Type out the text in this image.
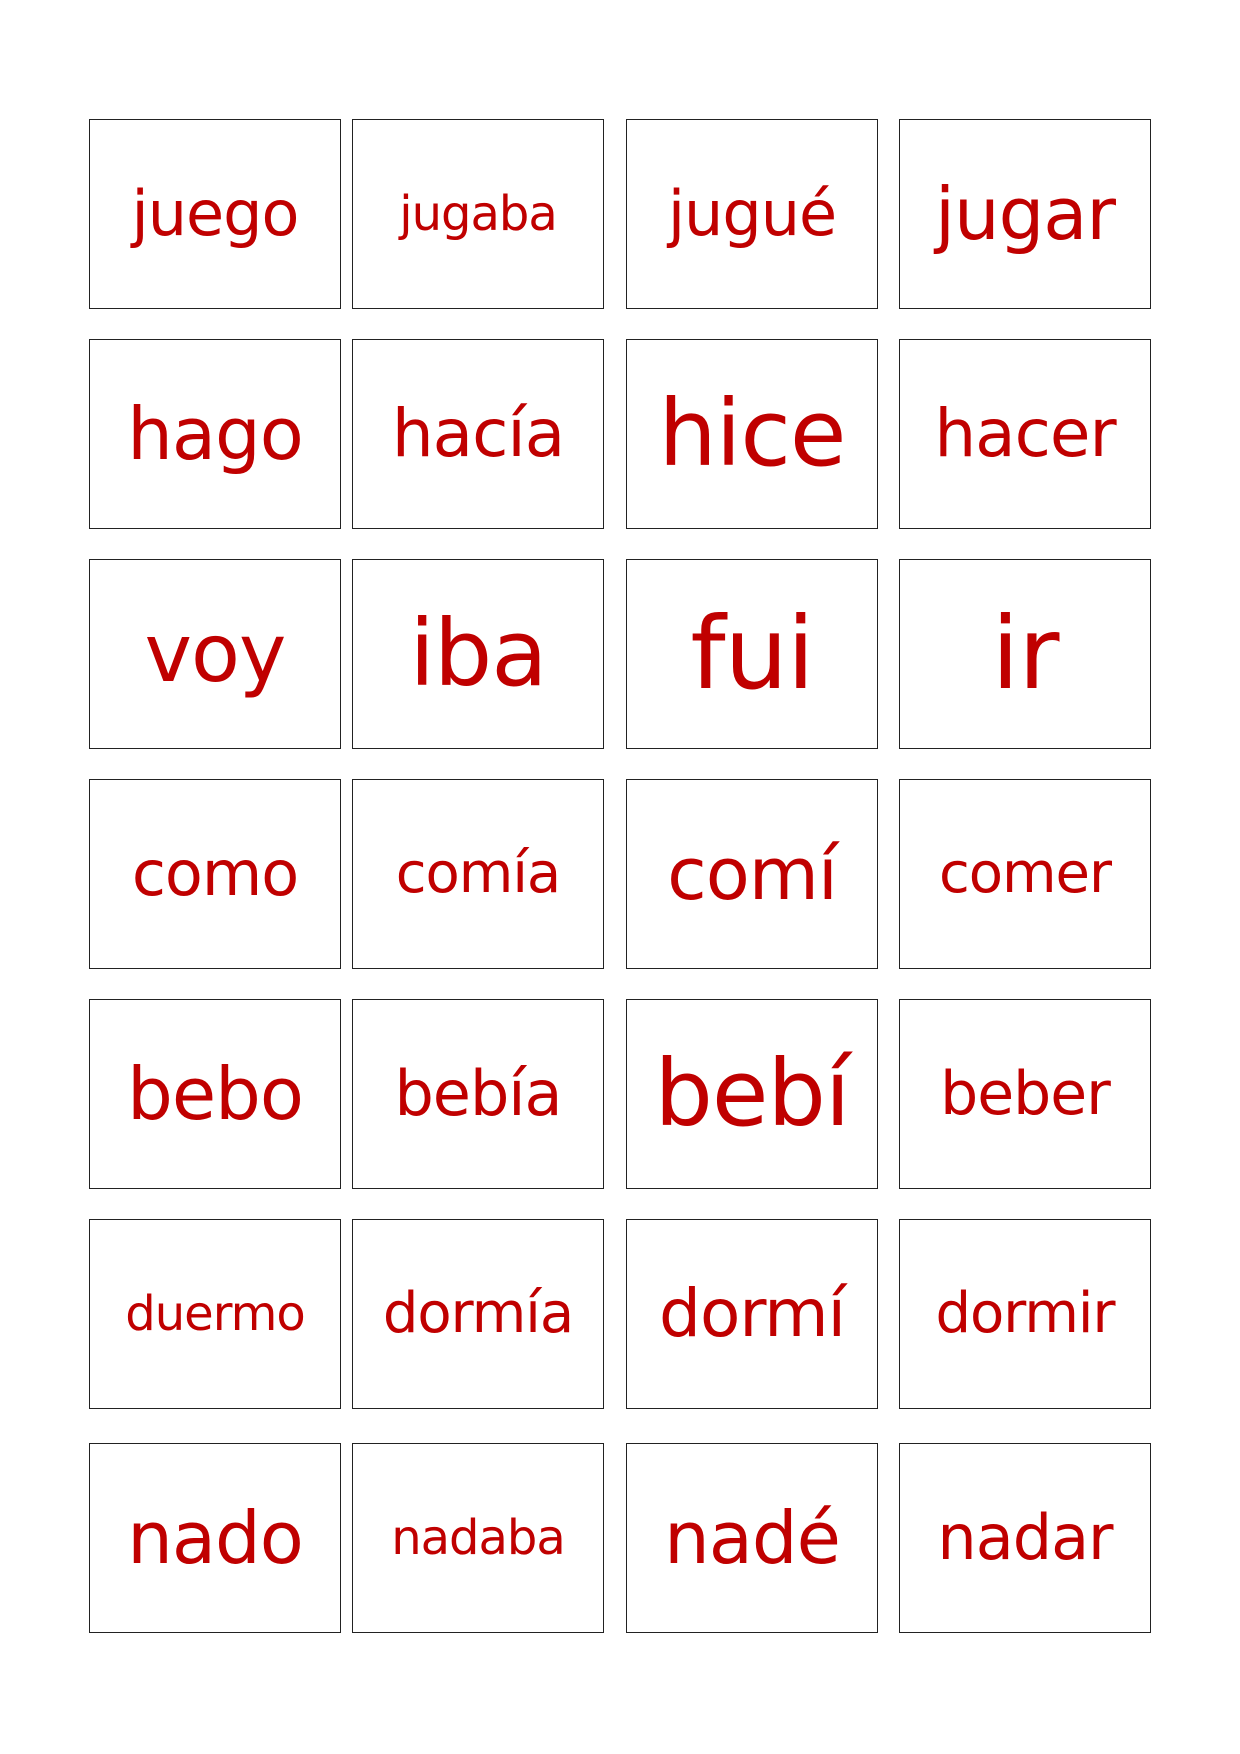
juego jugaba jugué jugar
hago hacía hice hacer
voy iba fui ir
como comía comí comer
bebo bebía bebí beber
duermo dormía dormí dormir
nado nadaba nadé nadar
